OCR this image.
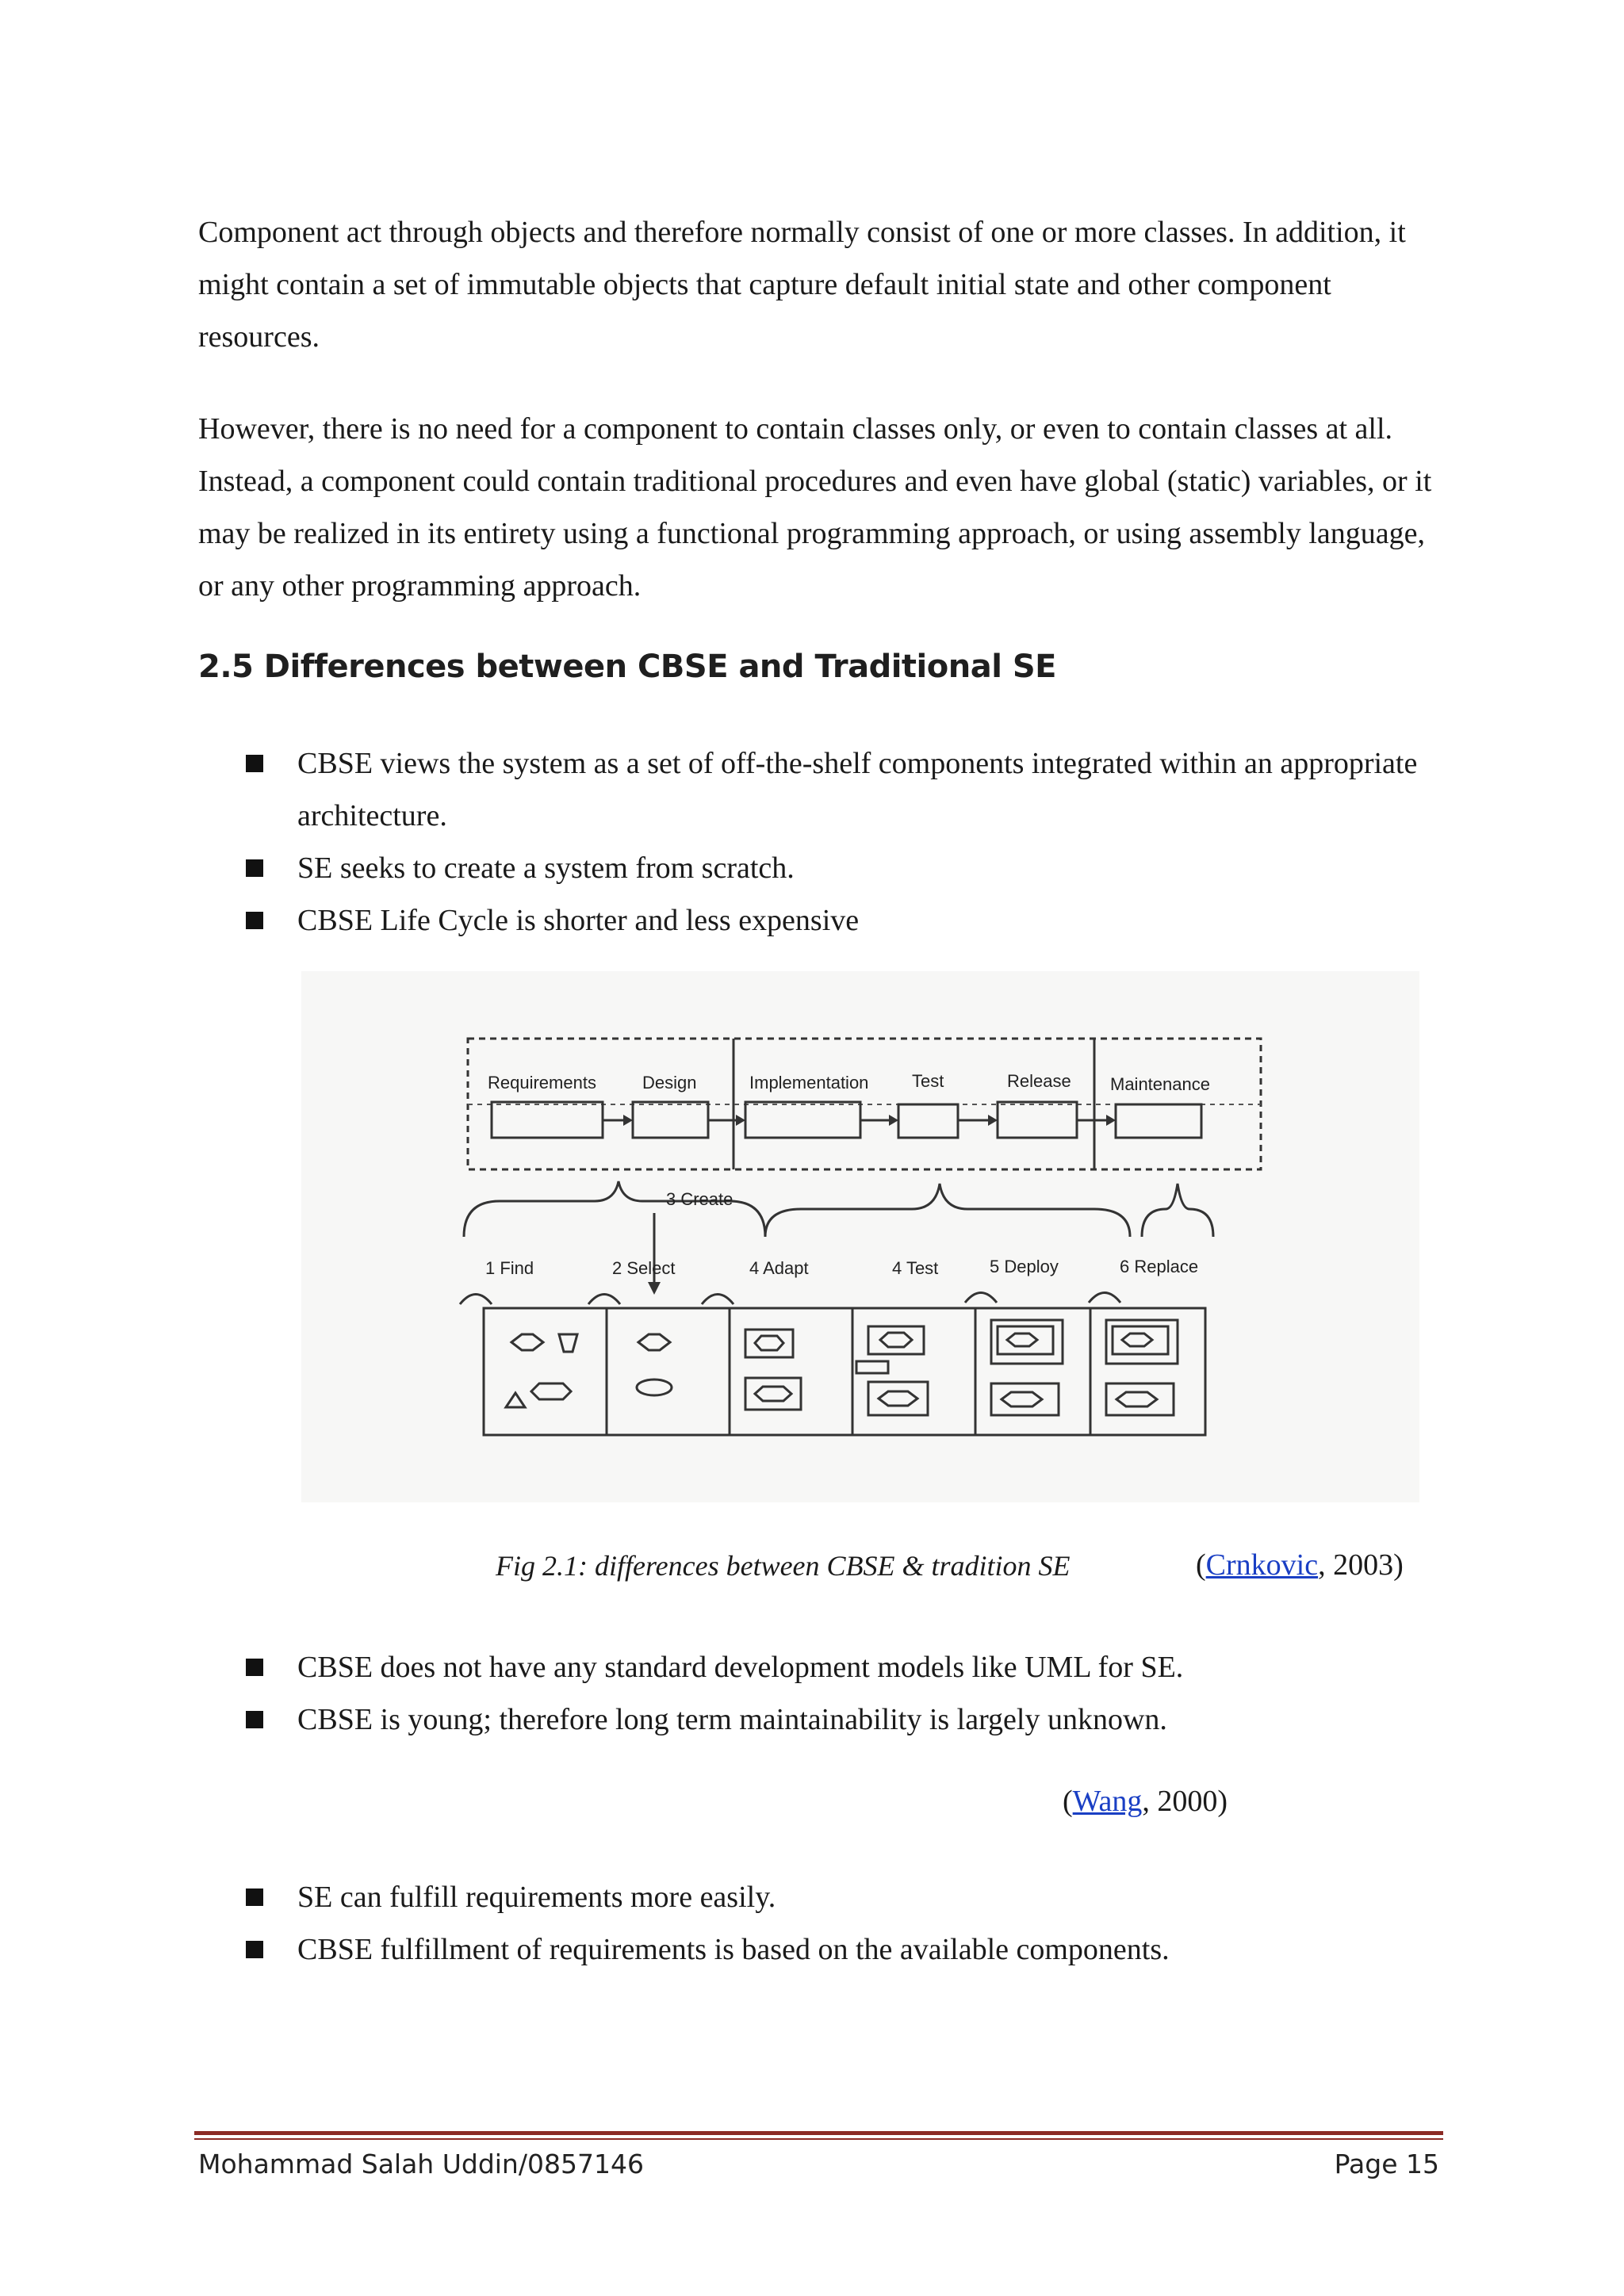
Component act through objects and therefore normally consist of one or more classes. In addition, it might contain a set of immutable objects that capture default initial state and other component resources.

However, there is no need for a component to contain classes only, or even to contain classes at all. Instead, a component could contain traditional procedures and even have global (static) variables, or it may be realized in its entirety using a functional programming approach, or using assembly language, or any other programming approach.

2.5 Differences between CBSE and Traditional SE
CBSE views the system as a set of off-the-shelf components integrated within an appropriate architecture.
SE seeks to create a system from scratch.
CBSE Life Cycle is shorter and less expensive
Requirements	Design	Implementation Test	Release Maintenance
3 Create
1 Find	2 Select	4 Adapt	4 Test	5 Deploy	6 Replace
Fig 2.1: differences between CBSE & tradition SE	(Crnkovic, 2003)
CBSE does not have any standard development models like UML for SE.
CBSE is young; therefore long term maintainability is largely unknown.
(Wang, 2000)
SE can fulfill requirements more easily.
CBSE fulfillment of requirements is based on the available components.
Mohammad Salah Uddin/0857146	Page 15
